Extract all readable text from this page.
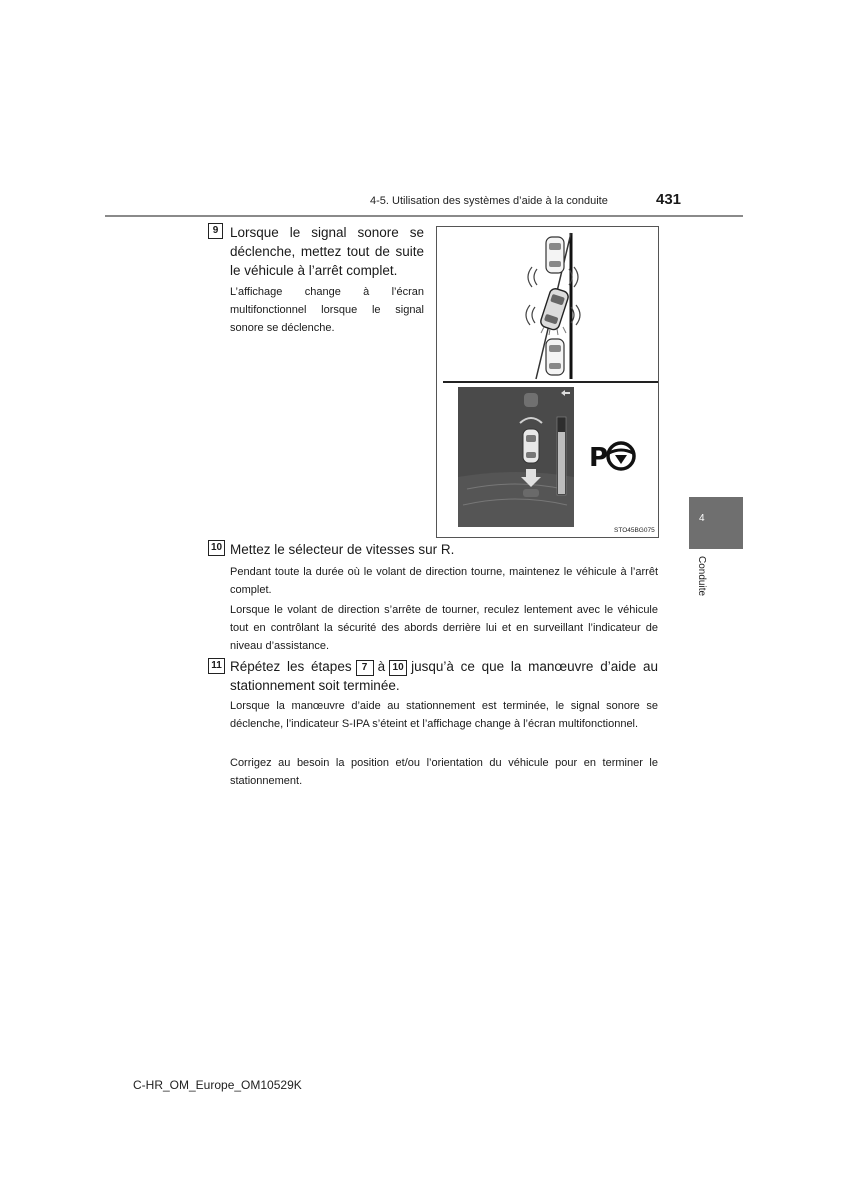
4-5. Utilisation des systèmes d’aide à la conduite	431
4
Conduite
9 Lorsque le signal sonore se déclenche, mettez tout de suite le véhicule à l’arrêt complet.
L’affichage change à l’écran multifonctionnel lorsque le signal sonore se déclenche.
P
STO45BG075
10 Mettez le sélecteur de vitesses sur R.
Pendant toute la durée où le volant de direction tourne, maintenez le véhicule à l’arrêt complet.
Lorsque le volant de direction s’arrête de tourner, reculez lentement avec le véhicule tout en contrôlant la sécurité des abords derrière lui et en surveillant l’indicateur de niveau d’assistance.
11 Répétez les étapes 7 à 10 jusqu’à ce que la manœuvre d’aide au stationnement soit terminée.
Lorsque la manœuvre d’aide au stationnement est terminée, le signal sonore se déclenche, l’indicateur S-IPA s’éteint et l’affichage change à l’écran multifonctionnel.
Corrigez au besoin la position et/ou l’orientation du véhicule pour en terminer le stationnement.
C-HR_OM_Europe_OM10529K
